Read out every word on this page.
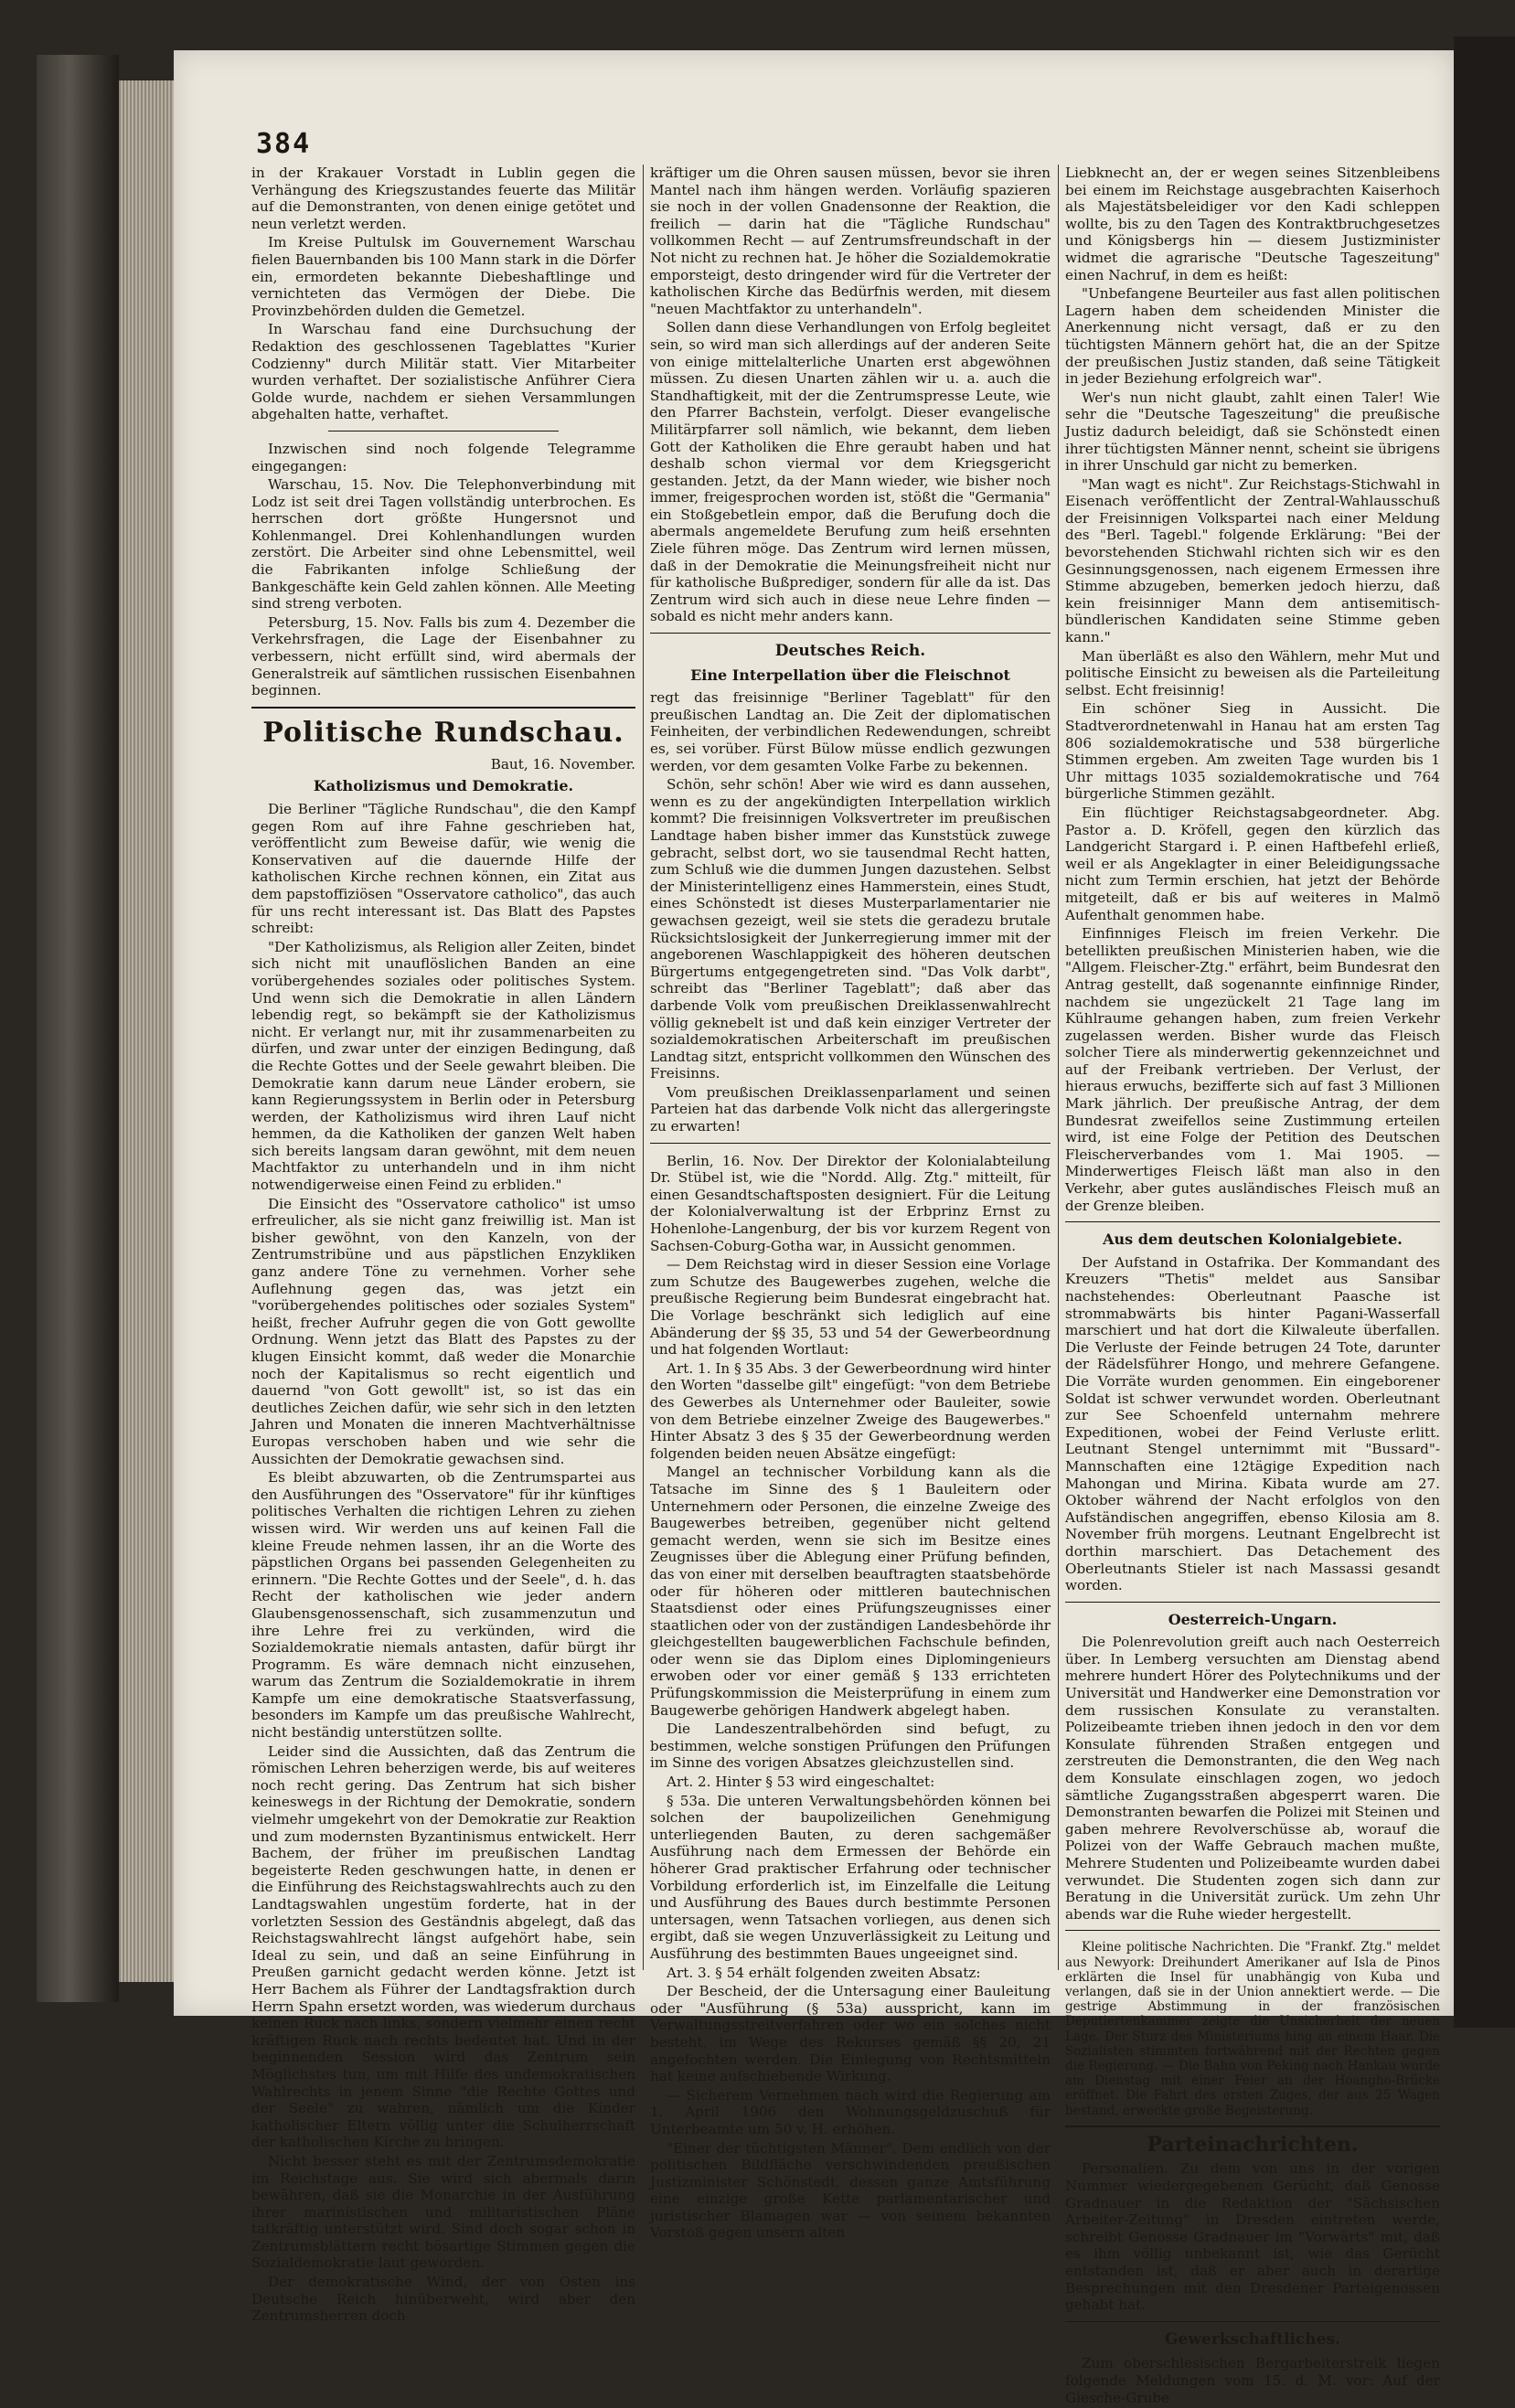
384

in der Krakauer Vorstadt in Lublin gegen die Verhängung des Kriegszustandes feuerte das Militär auf die Demonstranten, von denen einige getötet und neun verletzt werden.

Im Kreise Pultulsk im Gouvernement Warschau fielen Bauernbanden bis 100 Mann stark in die Dörfer ein, ermordeten bekannte Diebeshaftlinge und vernichteten das Vermögen der Diebe. Die Provinzbehörden dulden die Gemetzel.

In Warschau fand eine Durchsuchung der Redaktion des geschlossenen Tageblattes "Kurier Codzienny" durch Militär statt. Vier Mitarbeiter wurden verhaftet. Der sozialistische Anführer Ciera Golde wurde, nachdem er siehen Versammlungen abgehalten hatte, verhaftet.

Inzwischen sind noch folgende Telegramme eingegangen:

Warschau, 15. Nov. Die Telephonverbindung mit Lodz ist seit drei Tagen vollständig unterbrochen. Es herrschen dort größte Hungersnot und Kohlenmangel. Drei Kohlenhandlungen wurden zerstört. Die Arbeiter sind ohne Lebensmittel, weil die Fabrikanten infolge Schließung der Bankgeschäfte kein Geld zahlen können. Alle Meeting sind streng verboten.

Petersburg, 15. Nov. Falls bis zum 4. Dezember die Verkehrsfragen, die Lage der Eisenbahner zu verbessern, nicht erfüllt sind, wird abermals der Generalstreik auf sämtlichen russischen Eisenbahnen beginnen.

Politische Rundschau.
Baut, 16. November.
Katholizismus und Demokratie.

Die Berliner "Tägliche Rundschau", die den Kampf gegen Rom auf ihre Fahne geschrieben hat, veröffentlicht zum Beweise dafür, wie wenig die Konservativen auf die dauernde Hilfe der katholischen Kirche rechnen können, ein Zitat aus dem papstoffiziösen "Osservatore catholico", das auch für uns recht interessant ist. Das Blatt des Papstes schreibt:

"Der Katholizismus, als Religion aller Zeiten, bindet sich nicht mit unauflöslichen Banden an eine vorübergehendes soziales oder politisches System. Und wenn sich die Demokratie in allen Ländern lebendig regt, so bekämpft sie der Katholizismus nicht. Er verlangt nur, mit ihr zusammenarbeiten zu dürfen, und zwar unter der einzigen Bedingung, daß die Rechte Gottes und der Seele gewahrt bleiben. Die Demokratie kann darum neue Länder erobern, sie kann Regierungssystem in Berlin oder in Petersburg werden, der Katholizismus wird ihren Lauf nicht hemmen, da die Katholiken der ganzen Welt haben sich bereits langsam daran gewöhnt, mit dem neuen Machtfaktor zu unterhandeln und in ihm nicht notwendigerweise einen Feind zu erbliden."

Die Einsicht des "Osservatore catholico" ist umso erfreulicher, als sie nicht ganz freiwillig ist. Man ist bisher gewöhnt, von den Kanzeln, von der Zentrumstribüne und aus päpstlichen Enzykliken ganz andere Töne zu vernehmen. Vorher sehe Auflehnung gegen das, was jetzt ein "vorübergehendes politisches oder soziales System" heißt, frecher Aufruhr gegen die von Gott gewollte Ordnung. Wenn jetzt das Blatt des Papstes zu der klugen Einsicht kommt, daß weder die Monarchie noch der Kapitalismus so recht eigentlich und dauernd "von Gott gewollt" ist, so ist das ein deutliches Zeichen dafür, wie sehr sich in den letzten Jahren und Monaten die inneren Machtverhältnisse Europas verschoben haben und wie sehr die Aussichten der Demokratie gewachsen sind.

Es bleibt abzuwarten, ob die Zentrumspartei aus den Ausführungen des "Osservatore" für ihr künftiges politisches Verhalten die richtigen Lehren zu ziehen wissen wird. Wir werden uns auf keinen Fall die kleine Freude nehmen lassen, ihr an die Worte des päpstlichen Organs bei passenden Gelegenheiten zu erinnern. "Die Rechte Gottes und der Seele", d. h. das Recht der katholischen wie jeder andern Glaubensgenossenschaft, sich zusammenzutun und ihre Lehre frei zu verkünden, wird die Sozialdemokratie niemals antasten, dafür bürgt ihr Programm. Es wäre demnach nicht einzusehen, warum das Zentrum die Sozialdemokratie in ihrem Kampfe um eine demokratische Staatsverfassung, besonders im Kampfe um das preußische Wahlrecht, nicht beständig unterstützen sollte.

Leider sind die Aussichten, daß das Zentrum die römischen Lehren beherzigen werde, bis auf weiteres noch recht gering. Das Zentrum hat sich bisher keineswegs in der Richtung der Demokratie, sondern vielmehr umgekehrt von der Demokratie zur Reaktion und zum modernsten Byzantinismus entwickelt. Herr Bachem, der früher im preußischen Landtag begeisterte Reden geschwungen hatte, in denen er die Einführung des Reichstagswahlrechts auch zu den Landtagswahlen ungestüm forderte, hat in der vorletzten Session des Geständnis abgelegt, daß das Reichstagswahlrecht längst aufgehört habe, sein Ideal zu sein, und daß an seine Einführung in Preußen garnicht gedacht werden könne. Jetzt ist Herr Bachem als Führer der Landtagsfraktion durch Herrn Spahn ersetzt worden, was wiederum durchaus keinen Ruck nach links, sondern vielmehr einen recht kräftigen Ruck nach rechts bedeutet hat. Und in der beginnenden Session wird das Zentrum sein Möglichstes tun, um mit Hilfe des undemokratischen Wahlrechts in jenem Sinne "die Rechte Gottes und der Seele" zu wahren, nämlich um die Kinder katholischer Eltern völlig unter die Schulherrschaft der katholischen Kirche zu bringen.

Nicht besser steht es mit der Zentrumsdemokratie im Reichstage aus. Sie wird sich abermals darin bewähren, daß sie die Monarchie in der Ausführung ihrer marinistischen und militaristischen Pläne tatkräftig unterstützt wird. Sind doch sogar schon in Zentrumsblättern recht bösartige Stimmen gegen die Sozialdemokratie laut geworden.

Der demokratische Wind, der von Osten ins Deutsche Reich hinüberweht, wird aber den Zentrumsherren doch

kräftiger um die Ohren sausen müssen, bevor sie ihren Mantel nach ihm hängen werden. Vorläufig spazieren sie noch in der vollen Gnadensonne der Reaktion, die freilich — darin hat die "Tägliche Rundschau" vollkommen Recht — auf Zentrumsfreundschaft in der Not nicht zu rechnen hat. Je höher die Sozialdemokratie emporsteigt, desto dringender wird für die Vertreter der katholischen Kirche das Bedürfnis werden, mit diesem "neuen Machtfaktor zu unterhandeln".

Sollen dann diese Verhandlungen von Erfolg begleitet sein, so wird man sich allerdings auf der anderen Seite von einige mittelalterliche Unarten erst abgewöhnen müssen. Zu diesen Unarten zählen wir u. a. auch die Standhaftigkeit, mit der die Zentrumspresse Leute, wie den Pfarrer Bachstein, verfolgt. Dieser evangelische Militärpfarrer soll nämlich, wie bekannt, dem lieben Gott der Katholiken die Ehre geraubt haben und hat deshalb schon viermal vor dem Kriegsgericht gestanden. Jetzt, da der Mann wieder, wie bisher noch immer, freigesprochen worden ist, stößt die "Germania" ein Stoßgebetlein empor, daß die Berufung doch die abermals angemeldete Berufung zum heiß ersehnten Ziele führen möge. Das Zentrum wird lernen müssen, daß in der Demokratie die Meinungsfreiheit nicht nur für katholische Bußprediger, sondern für alle da ist. Das Zentrum wird sich auch in diese neue Lehre finden — sobald es nicht mehr anders kann.

Deutsches Reich.
Eine Interpellation über die Fleischnot

regt das freisinnige "Berliner Tageblatt" für den preußischen Landtag an. Die Zeit der diplomatischen Feinheiten, der verbindlichen Redewendungen, schreibt es, sei vorüber. Fürst Bülow müsse endlich gezwungen werden, vor dem gesamten Volke Farbe zu bekennen.

Schön, sehr schön! Aber wie wird es dann aussehen, wenn es zu der angekündigten Interpellation wirklich kommt? Die freisinnigen Volksvertreter im preußischen Landtage haben bisher immer das Kunststück zuwege gebracht, selbst dort, wo sie tausendmal Recht hatten, zum Schluß wie die dummen Jungen dazustehen. Selbst der Ministerintelligenz eines Hammerstein, eines Studt, eines Schönstedt ist dieses Musterparlamentarier nie gewachsen gezeigt, weil sie stets die geradezu brutale Rücksichtslosigkeit der Junkerregierung immer mit der angeborenen Waschlappigkeit des höheren deutschen Bürgertums entgegengetreten sind. "Das Volk darbt", schreibt das "Berliner Tageblatt"; daß aber das darbende Volk vom preußischen Dreiklassenwahlrecht völlig geknebelt ist und daß kein einziger Vertreter der sozialdemokratischen Arbeiterschaft im preußischen Landtag sitzt, entspricht vollkommen den Wünschen des Freisinns.

Vom preußischen Dreiklassenparlament und seinen Parteien hat das darbende Volk nicht das allergeringste zu erwarten!

Berlin, 16. Nov. Der Direktor der Kolonialabteilung Dr. Stübel ist, wie die "Nordd. Allg. Ztg." mitteilt, für einen Gesandtschaftsposten designiert. Für die Leitung der Kolonialverwaltung ist der Erbprinz Ernst zu Hohenlohe-Langenburg, der bis vor kurzem Regent von Sachsen-Coburg-Gotha war, in Aussicht genommen.

— Dem Reichstag wird in dieser Session eine Vorlage zum Schutze des Baugewerbes zugehen, welche die preußische Regierung beim Bundesrat eingebracht hat. Die Vorlage beschränkt sich lediglich auf eine Abänderung der §§ 35, 53 und 54 der Gewerbeordnung und hat folgenden Wortlaut:

Art. 1. In § 35 Abs. 3 der Gewerbeordnung wird hinter den Worten "dasselbe gilt" eingefügt: "von dem Betriebe des Gewerbes als Unternehmer oder Bauleiter, sowie von dem Betriebe einzelner Zweige des Baugewerbes." Hinter Absatz 3 des § 35 der Gewerbeordnung werden folgenden beiden neuen Absätze eingefügt:

Mangel an technischer Vorbildung kann als die Tatsache im Sinne des § 1 Bauleitern oder Unternehmern oder Personen, die einzelne Zweige des Baugewerbes betreiben, gegenüber nicht geltend gemacht werden, wenn sie sich im Besitze eines Zeugnisses über die Ablegung einer Prüfung befinden, das von einer mit derselben beauftragten staatsbehörde oder für höheren oder mittleren bautechnischen Staatsdienst oder eines Prüfungszeugnisses einer staatlichen oder von der zuständigen Landesbehörde ihr gleichgestellten baugewerblichen Fachschule befinden, oder wenn sie das Diplom eines Diplomingenieurs erwoben oder vor einer gemäß § 133 errichteten Prüfungskommission die Meisterprüfung in einem zum Baugewerbe gehörigen Handwerk abgelegt haben.

Die Landeszentralbehörden sind befugt, zu bestimmen, welche sonstigen Prüfungen den Prüfungen im Sinne des vorigen Absatzes gleichzustellen sind.

Art. 2. Hinter § 53 wird eingeschaltet:

§ 53a. Die unteren Verwaltungsbehörden können bei solchen der baupolizeilichen Genehmigung unterliegenden Bauten, zu deren sachgemäßer Ausführung nach dem Ermessen der Behörde ein höherer Grad praktischer Erfahrung oder technischer Vorbildung erforderlich ist, im Einzelfalle die Leitung und Ausführung des Baues durch bestimmte Personen untersagen, wenn Tatsachen vorliegen, aus denen sich ergibt, daß sie wegen Unzuverlässigkeit zu Leitung und Ausführung des bestimmten Baues ungeeignet sind.

Art. 3. § 54 erhält folgenden zweiten Absatz:

Der Bescheid, der die Untersagung einer Bauleitung oder "Ausführung (§ 53a) ausspricht, kann im Verwaltungsstreitverfahren oder wo ein solches nicht besteht, im Wege des Rekurses gemäß §§ 20, 21 angefochten werden. Die Einlegung von Rechtsmitteln hat keine aufschiebende Wirkung.

— Sicherem Vernehmen nach wird die Regierung am 1. April 1906 den Wohnungsgeldzuschuß für Unterbeamte um 50 v. H. erhöhen.

"Einer der tüchtigsten Männer". Dem endlich von der politischen Bildfläche verschwindenden preußischen Justizminister Schönstedt, dessen ganze Amtsführung eine einzige große Kette parlamentarischer und juristischer Blamagen war — von seinem bekannten Vorstoß gegen unsern alten

Liebknecht an, der er wegen seines Sitzenbleibens bei einem im Reichstage ausgebrachten Kaiserhoch als Majestätsbeleidiger vor den Kadi schleppen wollte, bis zu den Tagen des Kontraktbruchgesetzes und Königsbergs hin — diesem Justizminister widmet die agrarische "Deutsche Tageszeitung" einen Nachruf, in dem es heißt:

"Unbefangene Beurteiler aus fast allen politischen Lagern haben dem scheidenden Minister die Anerkennung nicht versagt, daß er zu den tüchtigsten Männern gehört hat, die an der Spitze der preußischen Justiz standen, daß seine Tätigkeit in jeder Beziehung erfolgreich war".

Wer's nun nicht glaubt, zahlt einen Taler! Wie sehr die "Deutsche Tageszeitung" die preußische Justiz dadurch beleidigt, daß sie Schönstedt einen ihrer tüchtigsten Männer nennt, scheint sie übrigens in ihrer Unschuld gar nicht zu bemerken.

"Man wagt es nicht". Zur Reichstags-Stichwahl in Eisenach veröffentlicht der Zentral-Wahlausschuß der Freisinnigen Volkspartei nach einer Meldung des "Berl. Tagebl." folgende Erklärung: "Bei der bevorstehenden Stichwahl richten sich wir es den Gesinnungsgenossen, nach eigenem Ermessen ihre Stimme abzugeben, bemerken jedoch hierzu, daß kein freisinniger Mann dem antisemitisch-bündlerischen Kandidaten seine Stimme geben kann."

Man überläßt es also den Wählern, mehr Mut und politische Einsicht zu beweisen als die Parteileitung selbst. Echt freisinnig!

Ein schöner Sieg in Aussicht. Die Stadtverordnetenwahl in Hanau hat am ersten Tag 806 sozialdemokratische und 538 bürgerliche Stimmen ergeben. Am zweiten Tage wurden bis 1 Uhr mittags 1035 sozialdemokratische und 764 bürgerliche Stimmen gezählt.

Ein flüchtiger Reichstagsabgeordneter. Abg. Pastor a. D. Kröfell, gegen den kürzlich das Landgericht Stargard i. P. einen Haftbefehl erließ, weil er als Angeklagter in einer Beleidigungssache nicht zum Termin erschien, hat jetzt der Behörde mitgeteilt, daß er bis auf weiteres in Malmö Aufenthalt genommen habe.

Einfinniges Fleisch im freien Verkehr. Die betellikten preußischen Ministerien haben, wie die "Allgem. Fleischer-Ztg." erfährt, beim Bundesrat den Antrag gestellt, daß sogenannte einfinnige Rinder, nachdem sie ungezückelt 21 Tage lang im Kühlraume gehangen haben, zum freien Verkehr zugelassen werden. Bisher wurde das Fleisch solcher Tiere als minderwertig gekennzeichnet und auf der Freibank vertrieben. Der Verlust, der hieraus erwuchs, bezifferte sich auf fast 3 Millionen Mark jährlich. Der preußische Antrag, der dem Bundesrat zweifellos seine Zustimmung erteilen wird, ist eine Folge der Petition des Deutschen Fleischerverbandes vom 1. Mai 1905. — Minderwertiges Fleisch läßt man also in den Verkehr, aber gutes ausländisches Fleisch muß an der Grenze bleiben.

Aus dem deutschen Kolonialgebiete.

Der Aufstand in Ostafrika. Der Kommandant des Kreuzers "Thetis" meldet aus Sansibar nachstehendes: Oberleutnant Paasche ist strommabwärts bis hinter Pagani-Wasserfall marschiert und hat dort die Kilwaleute überfallen. Die Verluste der Feinde betrugen 24 Tote, darunter der Rädelsführer Hongo, und mehrere Gefangene. Die Vorräte wurden genommen. Ein eingeborener Soldat ist schwer verwundet worden. Oberleutnant zur See Schoenfeld unternahm mehrere Expeditionen, wobei der Feind Verluste erlitt. Leutnant Stengel unternimmt mit "Bussard"-Mannschaften eine 12tägige Expedition nach Mahongan und Mirina. Kibata wurde am 27. Oktober während der Nacht erfolglos von den Aufständischen angegriffen, ebenso Kilosia am 8. November früh morgens. Leutnant Engelbrecht ist dorthin marschiert. Das Detachement des Oberleutnants Stieler ist nach Massassi gesandt worden.

Oesterreich-Ungarn.

Die Polenrevolution greift auch nach Oesterreich über. In Lemberg versuchten am Dienstag abend mehrere hundert Hörer des Polytechnikums und der Universität und Handwerker eine Demonstration vor dem russischen Konsulate zu veranstalten. Polizeibeamte trieben ihnen jedoch in den vor dem Konsulate führenden Straßen entgegen und zerstreuten die Demonstranten, die den Weg nach dem Konsulate einschlagen zogen, wo jedoch sämtliche Zugangsstraßen abgesperrt waren. Die Demonstranten bewarfen die Polizei mit Steinen und gaben mehrere Revolverschüsse ab, worauf die Polizei von der Waffe Gebrauch machen mußte, Mehrere Studenten und Polizeibeamte wurden dabei verwundet. Die Studenten zogen sich dann zur Beratung in die Universität zurück. Um zehn Uhr abends war die Ruhe wieder hergestellt.

Kleine politische Nachrichten. Die "Frankf. Ztg." meldet aus Newyork: Dreihundert Amerikaner auf Isla de Pinos erklärten die Insel für unabhängig von Kuba und verlangen, daß sie in der Union annektiert werde. — Die gestrige Abstimmung in der französischen Deputiertenkammer zeigte die Unsicherheit der neuen Lage. Der Sturz des Ministeriums hing an einem Haar. Die Sozialisten stimmten fortwährend mit der Rechten gegen die Regierung. — Die Bahn von Peking nach Hankau wurde am Dienstag mit einer Feier an der Hoangho-Brücke eröffnet. Die Fahrt des ersten Zuges, der aus 25 Wagen bestand, erweckte große Begeisterung.

Parteinachrichten.

Personalien. Zu dem von uns in der vorigen Nummer wiedergegebenen Gerücht, daß Genosse Gradnauer in die Redaktion der "Sächsischen Arbeiter-Zeitung" in Dresden eintreten werde, schreibt Genosse Gradnauer im "Vorwärts" mit, daß es ihm völlig unbekannt ist, wie das Gerücht entstanden ist, daß er aber auch in derartige Besprechungen mit den Dresdener Parteigenossen gehabt hat.

Gewerkschaftliches.

Zum oberschlesischen Bergarbeiterstreik liegen folgende Meldungen vom 15. d. M. vor: Auf der Giesche-Grube
